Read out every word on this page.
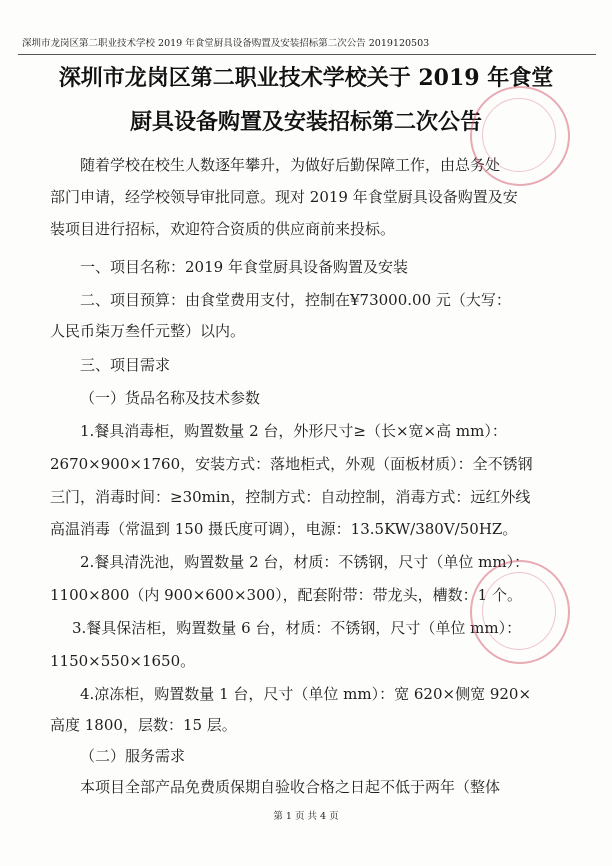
深圳市龙岗区第二职业技术学校 2019 年食堂厨具设备购置及安装招标第二次公告 2019120503
深圳市龙岗区第二职业技术学校关于 2019 年食堂
厨具设备购置及安装招标第二次公告
随着学校在校生人数逐年攀升，为做好后勤保障工作，由总务处
部门申请，经学校领导审批同意。现对 2019 年食堂厨具设备购置及安
装项目进行招标，欢迎符合资质的供应商前来投标。
一、项目名称：2019 年食堂厨具设备购置及安装
二、项目预算：由食堂费用支付，控制在¥73000.00 元（大写：
人民币柒万叁仟元整）以内。
三、项目需求
（一）货品名称及技术参数
1.餐具消毒柜，购置数量 2 台，外形尺寸≥（长×宽×高 mm）：
2670×900×1760，安装方式：落地柜式，外观（面板材质）：全不锈钢
三门，消毒时间：≥30min，控制方式：自动控制，消毒方式：远红外线
高温消毒（常温到 150 摄氏度可调），电源：13.5KW/380V/50HZ。
2.餐具清洗池，购置数量 2 台，材质：不锈钢，尺寸（单位 mm）：
1100×800（内 900×600×300），配套附带：带龙头，槽数：1 个。
3.餐具保洁柜，购置数量 6 台，材质：不锈钢，尺寸（单位 mm）：
1150×550×1650。
4.凉冻柜，购置数量 1 台，尺寸（单位 mm）：宽 620×侧宽 920×
高度 1800，层数：15 层。
（二）服务需求
本项目全部产品免费质保期自验收合格之日起不低于两年（整体
第 1 页 共 4 页
